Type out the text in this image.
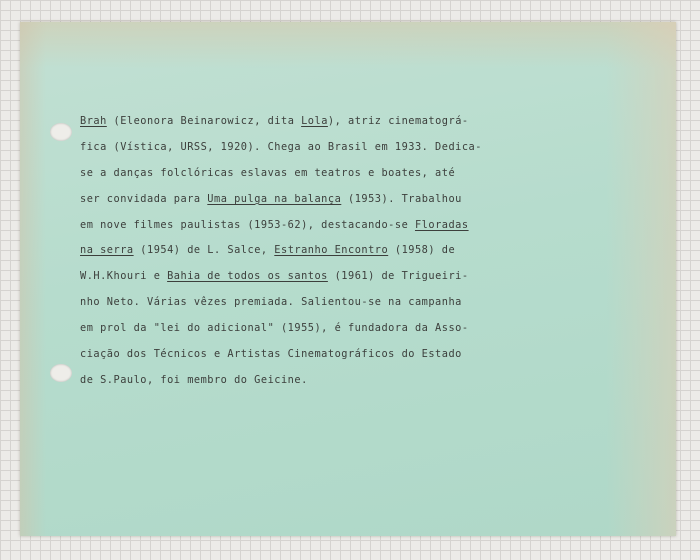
Brah (Eleonora Beinarowicz, dita Lola), atriz cinematográ-
fica (Vística, URSS, 1920). Chega ao Brasil em 1933. Dedica-
se a danças folclóricas eslavas em teatros e boates, até
ser convidada para Uma pulga na balança (1953). Trabalhou
em nove filmes paulistas (1953-62), destacando-se Floradas
na serra (1954) de L. Salce, Estranho Encontro (1958) de
W.H.Khouri e Bahia de todos os santos (1961) de Trigueiri-
nho Neto. Várias vêzes premiada. Salientou-se na campanha
em prol da "lei do adicional" (1955), é fundadora da Asso-
ciação dos Técnicos e Artistas Cinematográficos do Estado
de S.Paulo, foi membro do Geicine.
